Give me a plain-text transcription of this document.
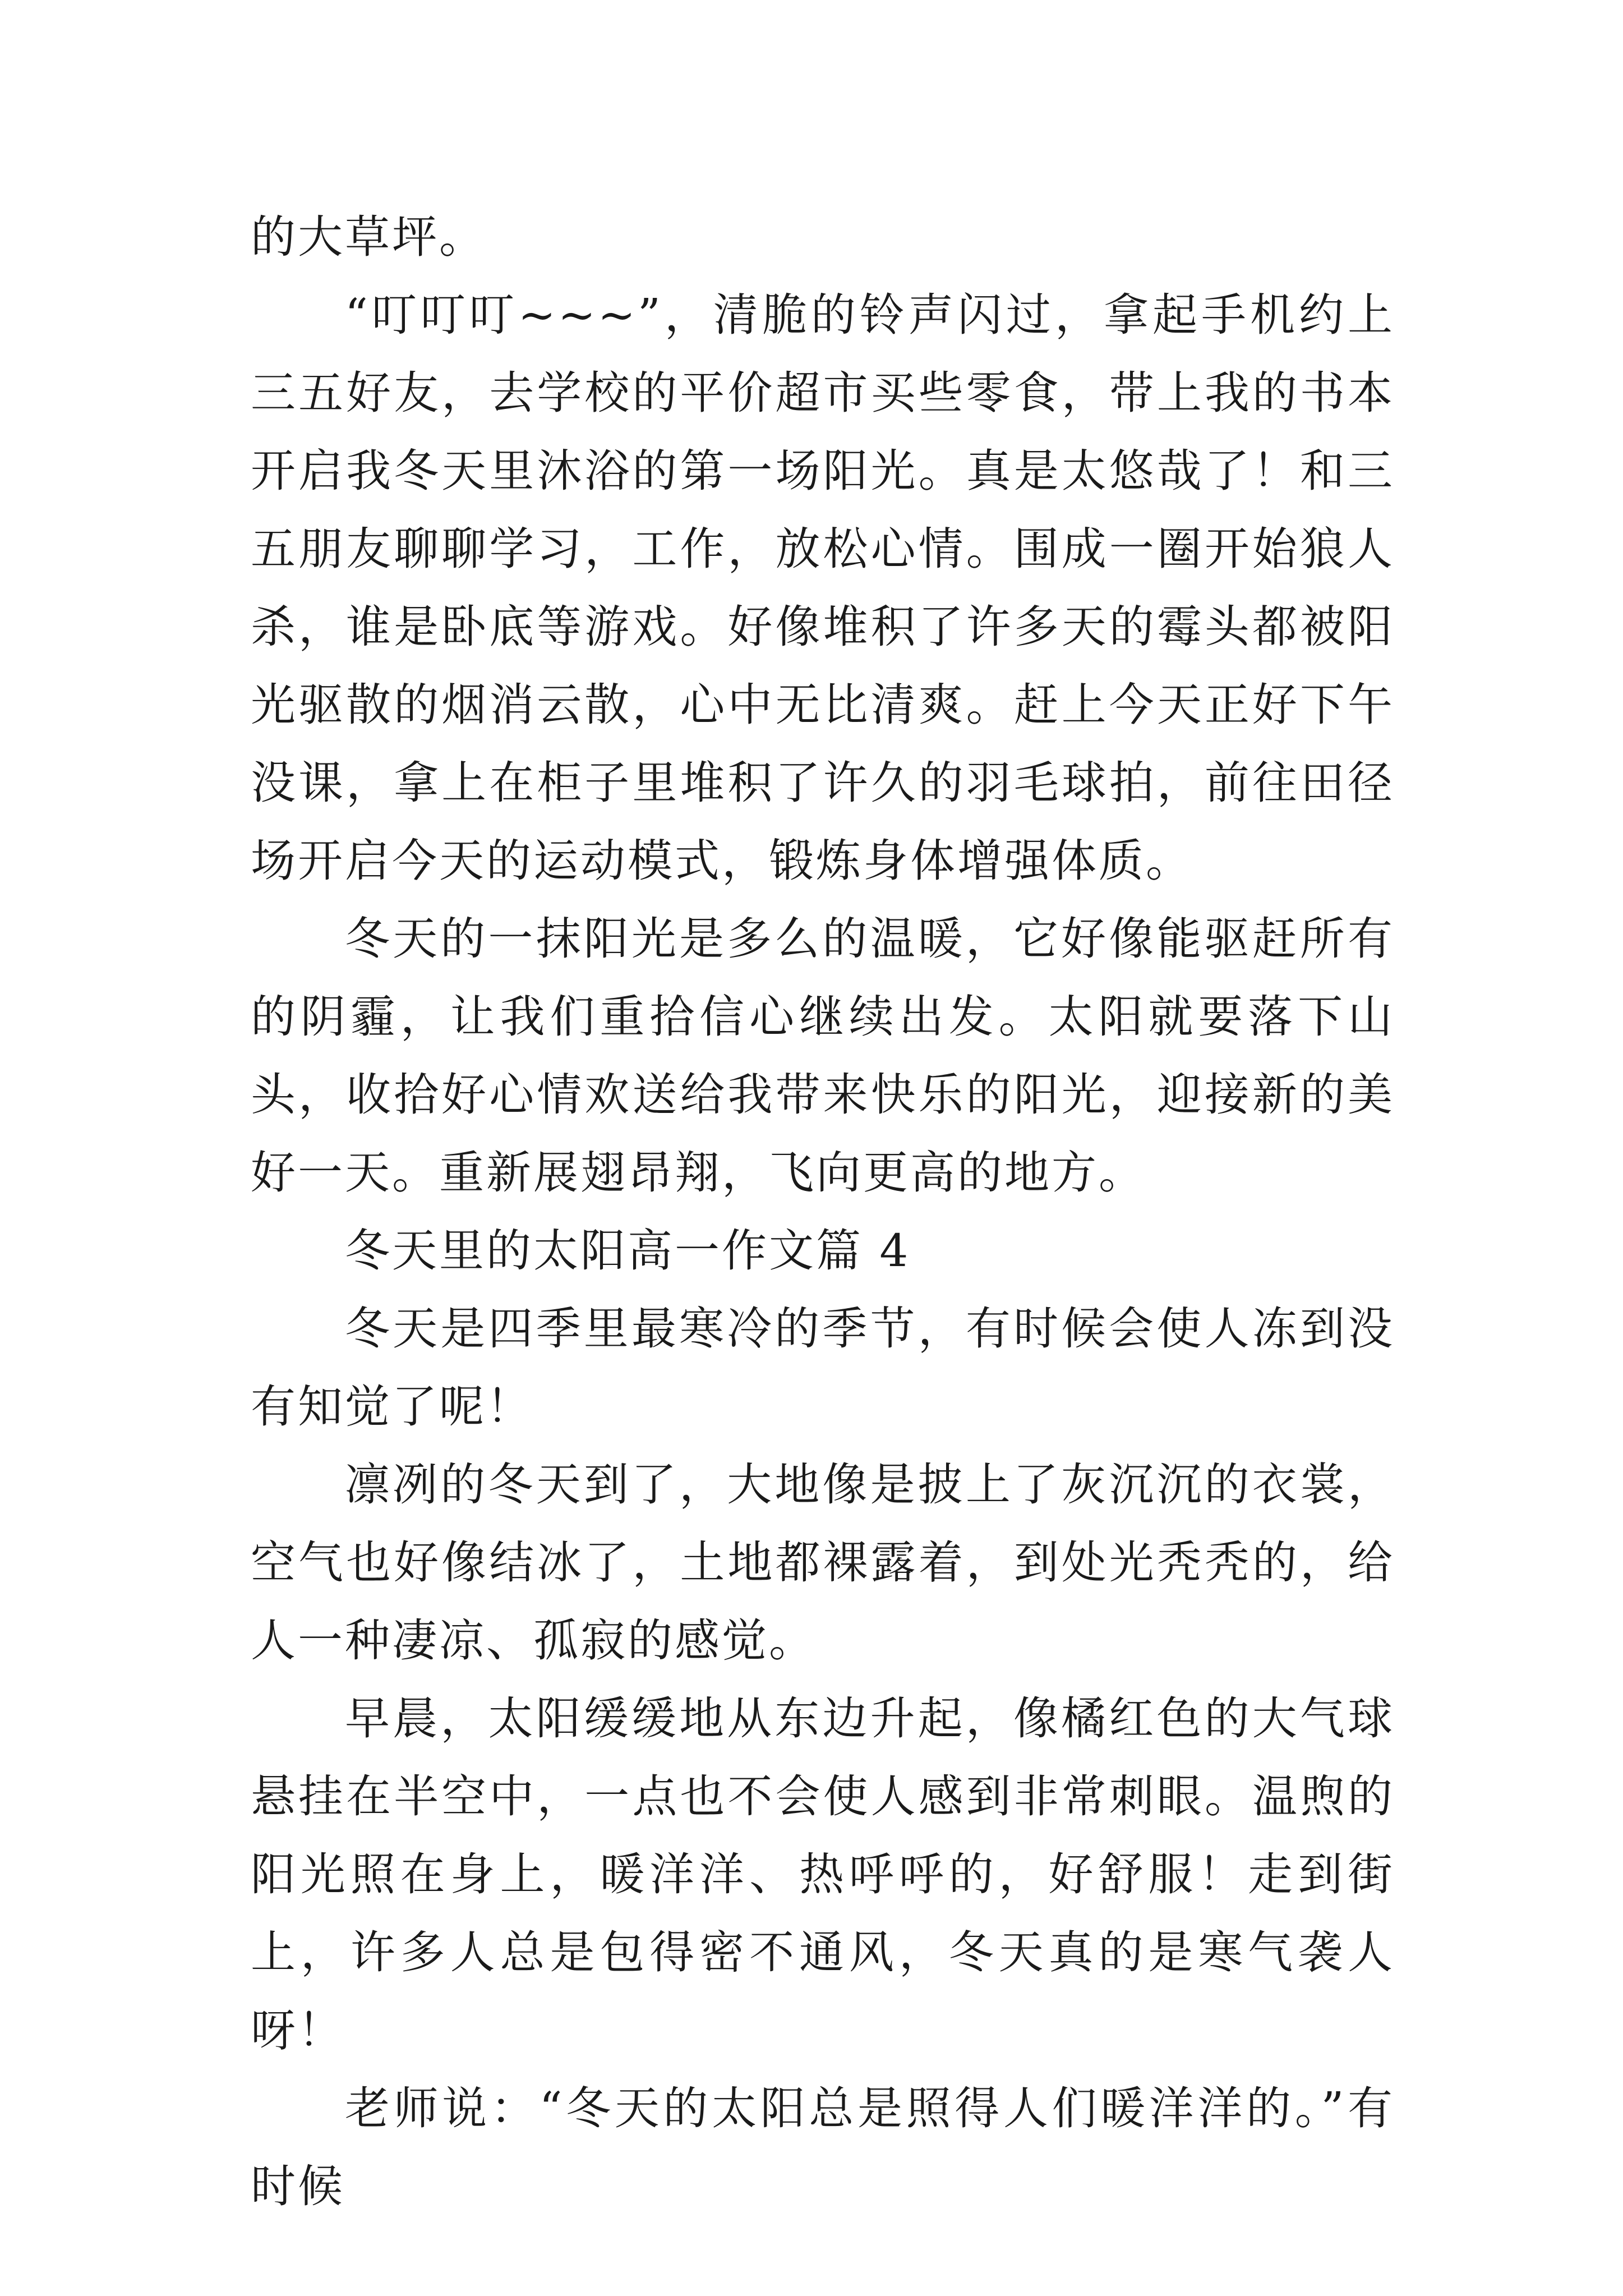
的大草坪。

“叮叮叮~~~”，清脆的铃声闪过，拿起手机约上三五好友，去学校的平价超市买些零食，带上我的书本开启我冬天里沐浴的第一场阳光。真是太悠哉了！和三五朋友聊聊学习，工作，放松心情。围成一圈开始狼人杀，谁是卧底等游戏。好像堆积了许多天的霉头都被阳光驱散的烟消云散，心中无比清爽。赶上今天正好下午没课，拿上在柜子里堆积了许久的羽毛球拍，前往田径场开启今天的运动模式，锻炼身体增强体质。

冬天的一抹阳光是多么的温暖，它好像能驱赶所有的阴霾，让我们重拾信心继续出发。太阳就要落下山头，收拾好心情欢送给我带来快乐的阳光，迎接新的美好一天。重新展翅昂翔，飞向更高的地方。

冬天里的太阳高一作文篇 4

冬天是四季里最寒冷的季节，有时候会使人冻到没有知觉了呢！

凛冽的冬天到了，大地像是披上了灰沉沉的衣裳，空气也好像结冰了，土地都裸露着，到处光秃秃的，给人一种凄凉、孤寂的感觉。

早晨，太阳缓缓地从东边升起，像橘红色的大气球悬挂在半空中，一点也不会使人感到非常刺眼。温煦的阳光照在身上，暖洋洋、热呼呼的，好舒服！走到街上，许多人总是包得密不通风，冬天真的是寒气袭人呀！

老师说：“冬天的太阳总是照得人们暖洋洋的。”有时候
